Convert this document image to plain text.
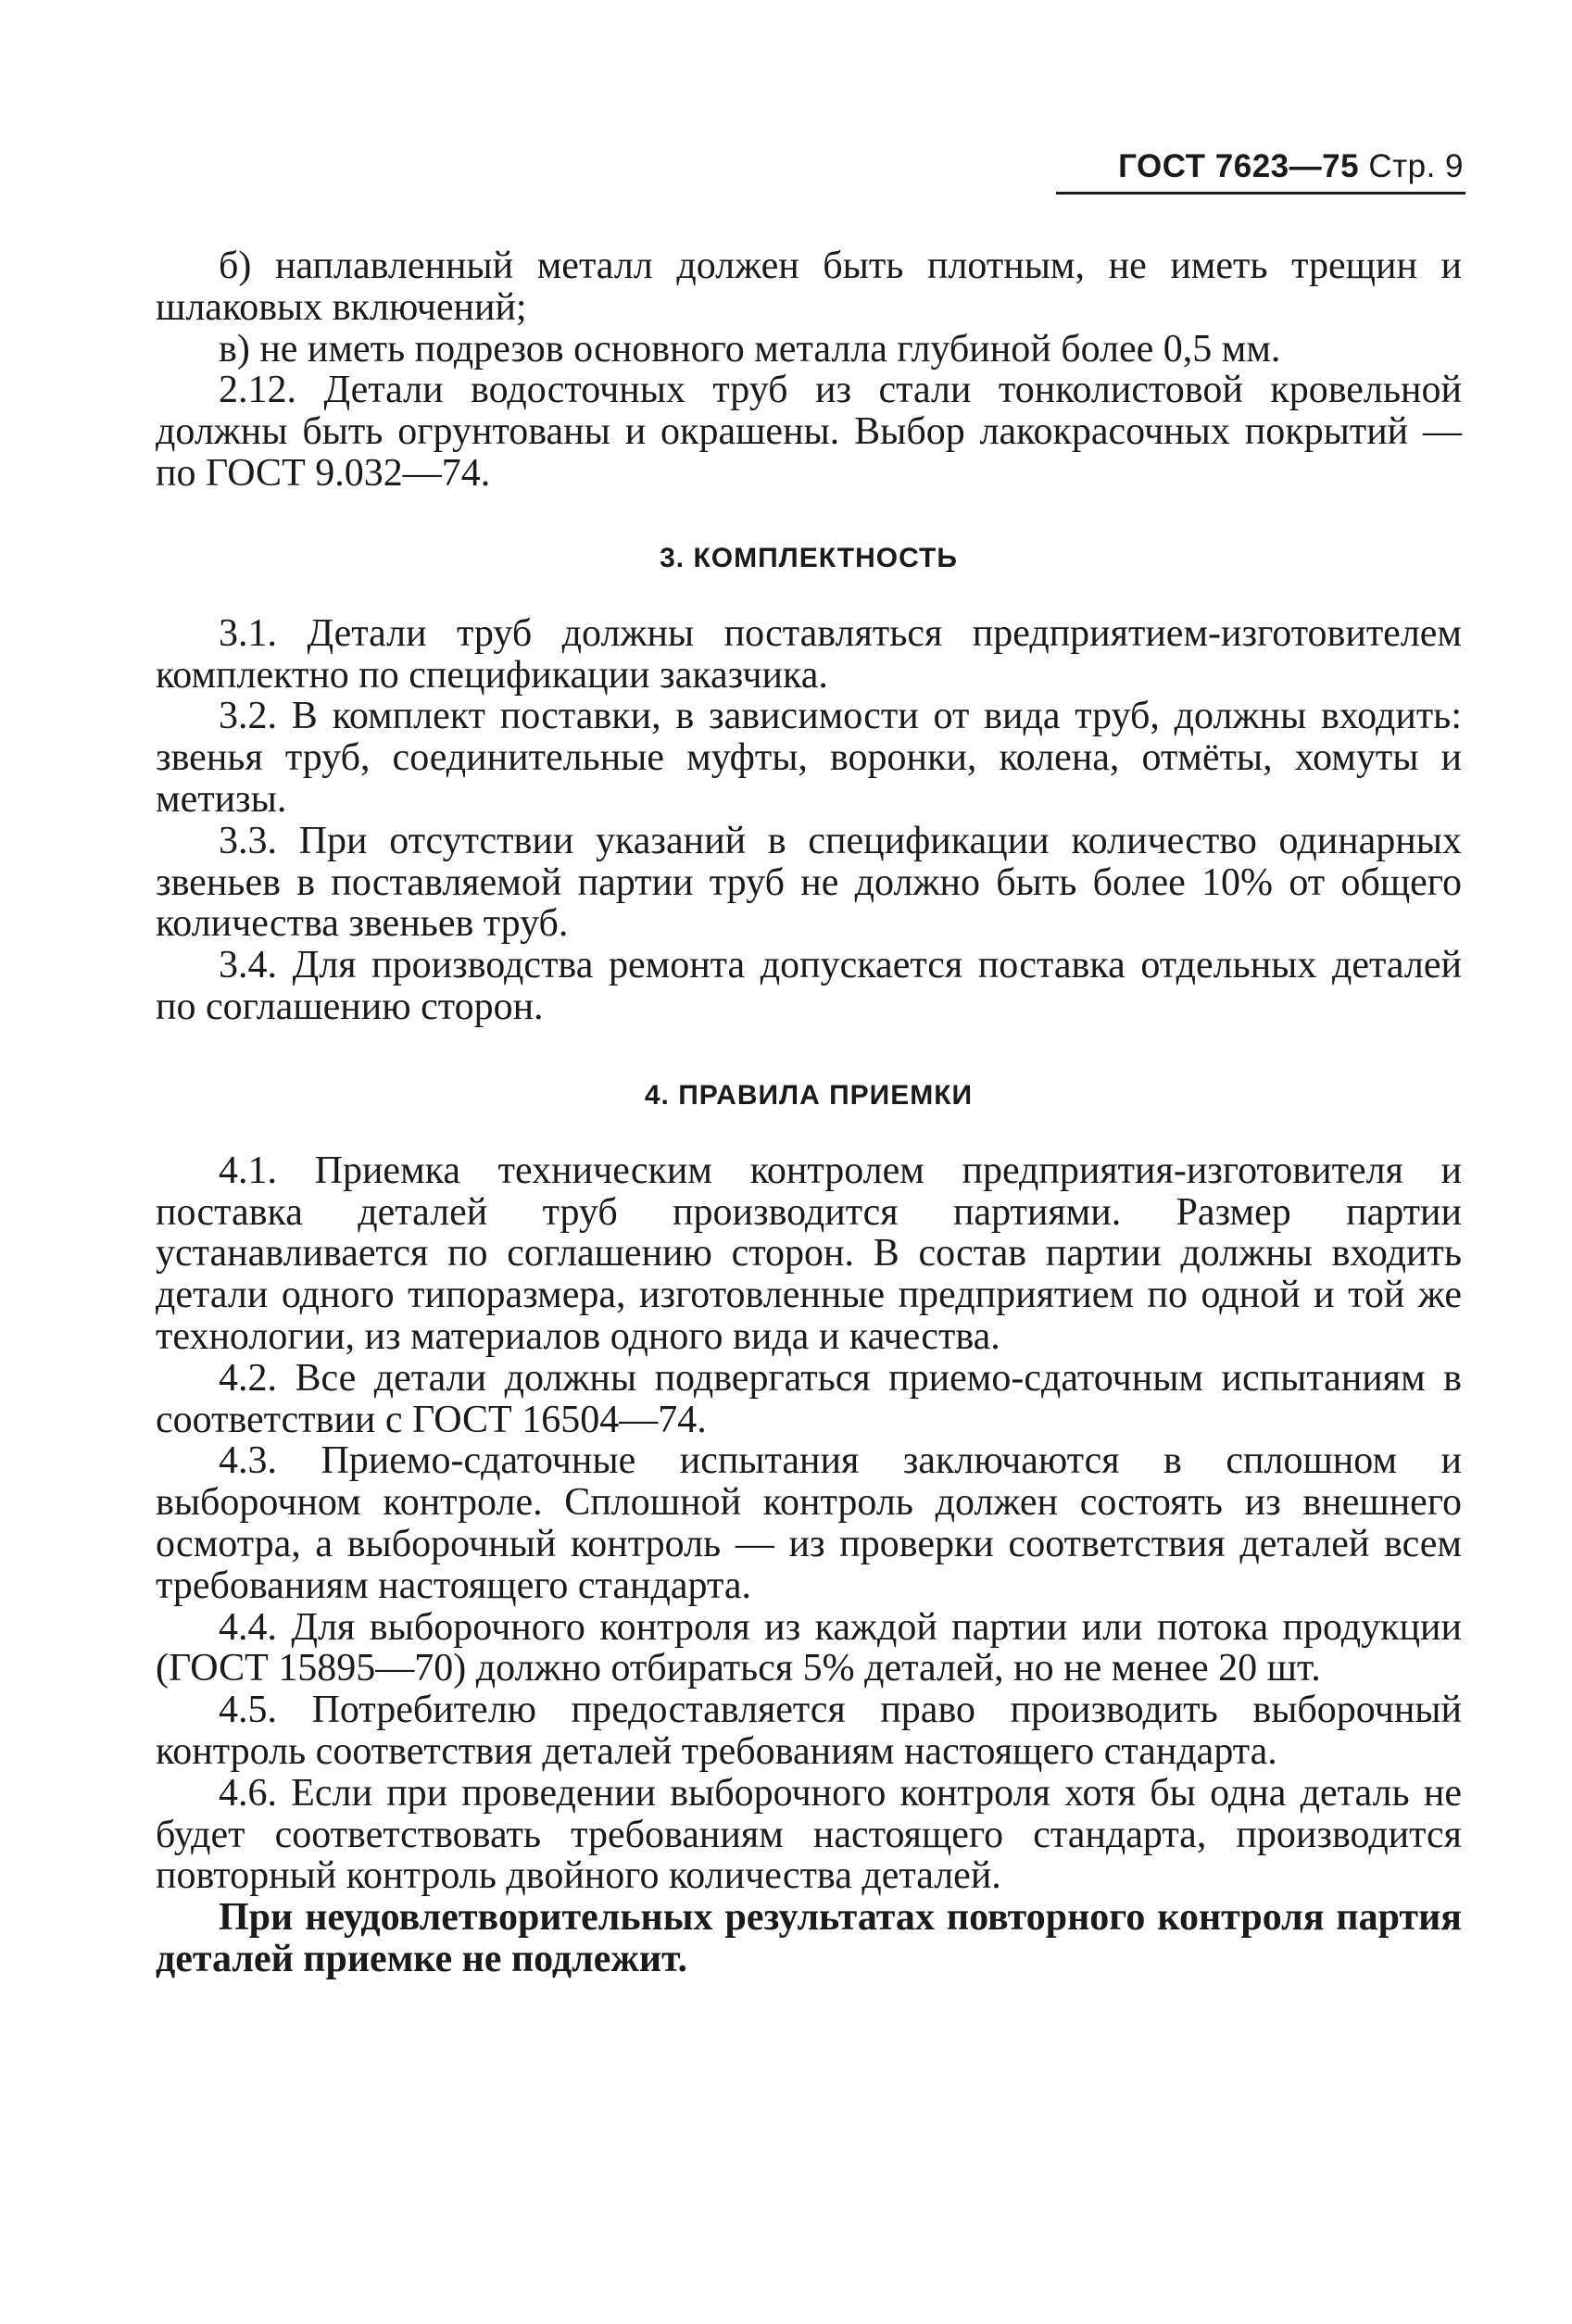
ГОСТ 7623—75 Стр. 9

б) наплавленный металл должен быть плотным, не иметь трещин и шлаковых включений;

в) не иметь подрезов основного металла глубиной более 0,5 мм.

2.12. Детали водосточных труб из стали тонколистовой кровельной должны быть огрунтованы и окрашены. Выбор лакокрасочных покрытий — по ГОСТ 9.032—74.

3. КОМПЛЕКТНОСТЬ

3.1. Детали труб должны поставляться предприятием-изготовителем комплектно по спецификации заказчика.

3.2. В комплект поставки, в зависимости от вида труб, должны входить: звенья труб, соединительные муфты, воронки, колена, отмёты, хомуты и метизы.

3.3. При отсутствии указаний в спецификации количество одинарных звеньев в поставляемой партии труб не должно быть более 10% от общего количества звеньев труб.

3.4. Для производства ремонта допускается поставка отдельных деталей по соглашению сторон.

4. ПРАВИЛА ПРИЕМКИ

4.1. Приемка техническим контролем предприятия-изготовителя и поставка деталей труб производится партиями. Размер партии устанавливается по соглашению сторон. В состав партии должны входить детали одного типоразмера, изготовленные предприятием по одной и той же технологии, из материалов одного вида и качества.

4.2. Все детали должны подвергаться приемо-сдаточным испытаниям в соответствии с ГОСТ 16504—74.

4.3. Приемо-сдаточные испытания заключаются в сплошном и выборочном контроле. Сплошной контроль должен состоять из внешнего осмотра, а выборочный контроль — из проверки соответствия деталей всем требованиям настоящего стандарта.

4.4. Для выборочного контроля из каждой партии или потока продукции (ГОСТ 15895—70) должно отбираться 5% деталей, но не менее 20 шт.

4.5. Потребителю предоставляется право производить выборочный контроль соответствия деталей требованиям настоящего стандарта.

4.6. Если при проведении выборочного контроля хотя бы одна деталь не будет соответствовать требованиям настоящего стандарта, производится повторный контроль двойного количества деталей.

При неудовлетворительных результатах повторного контроля партия деталей приемке не подлежит.
